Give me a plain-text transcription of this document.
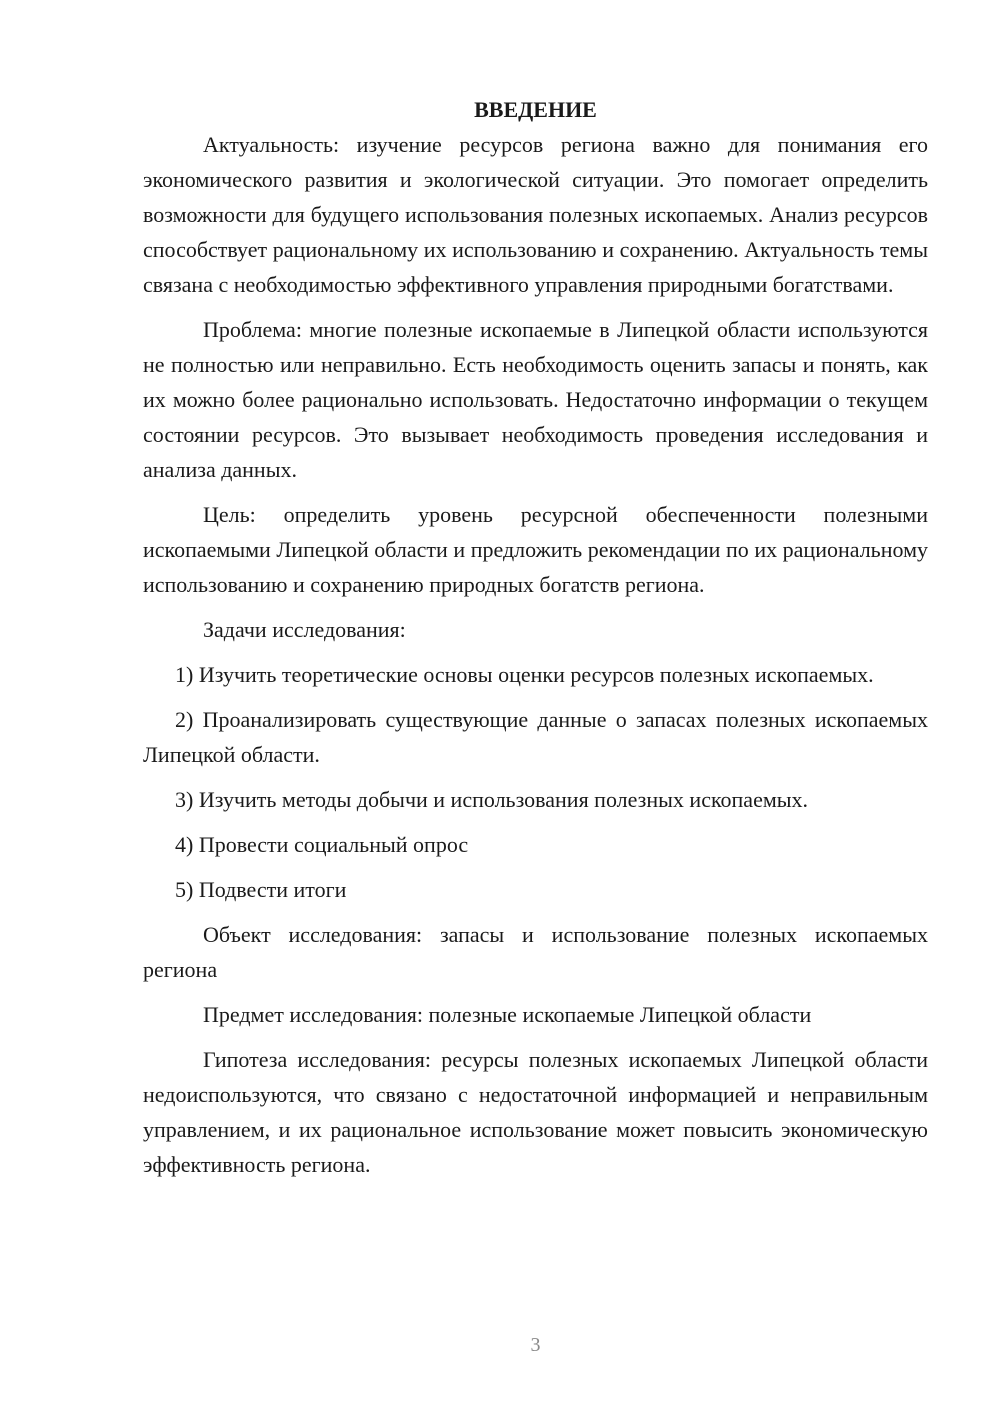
ВВЕДЕНИЕ

Актуальность: изучение ресурсов региона важно для понимания его экономического развития и экологической ситуации. Это помогает определить возможности для будущего использования полезных ископаемых. Анализ ресурсов способствует рациональному их использованию и сохранению. Актуальность темы связана с необходимостью эффективного управления природными богатствами.

Проблема: многие полезные ископаемые в Липецкой области используются не полностью или неправильно. Есть необходимость оценить запасы и понять, как их можно более рационально использовать. Недостаточно информации о текущем состоянии ресурсов. Это вызывает необходимость проведения исследования и анализа данных.

Цель: определить уровень ресурсной обеспеченности полезными ископаемыми Липецкой области и предложить рекомендации по их рациональному использованию и сохранению природных богатств региона.

Задачи исследования:

1) Изучить теоретические основы оценки ресурсов полезных ископаемых.

2) Проанализировать существующие данные о запасах полезных ископаемых Липецкой области.

3) Изучить методы добычи и использования полезных ископаемых.

4) Провести социальный опрос

5) Подвести итоги

Объект исследования: запасы и использование полезных ископаемых региона

Предмет исследования: полезные ископаемые Липецкой области

Гипотеза исследования: ресурсы полезных ископаемых Липецкой области недоиспользуются, что связано с недостаточной информацией и неправильным управлением, и их рациональное использование может повысить экономическую эффективность региона.

3
